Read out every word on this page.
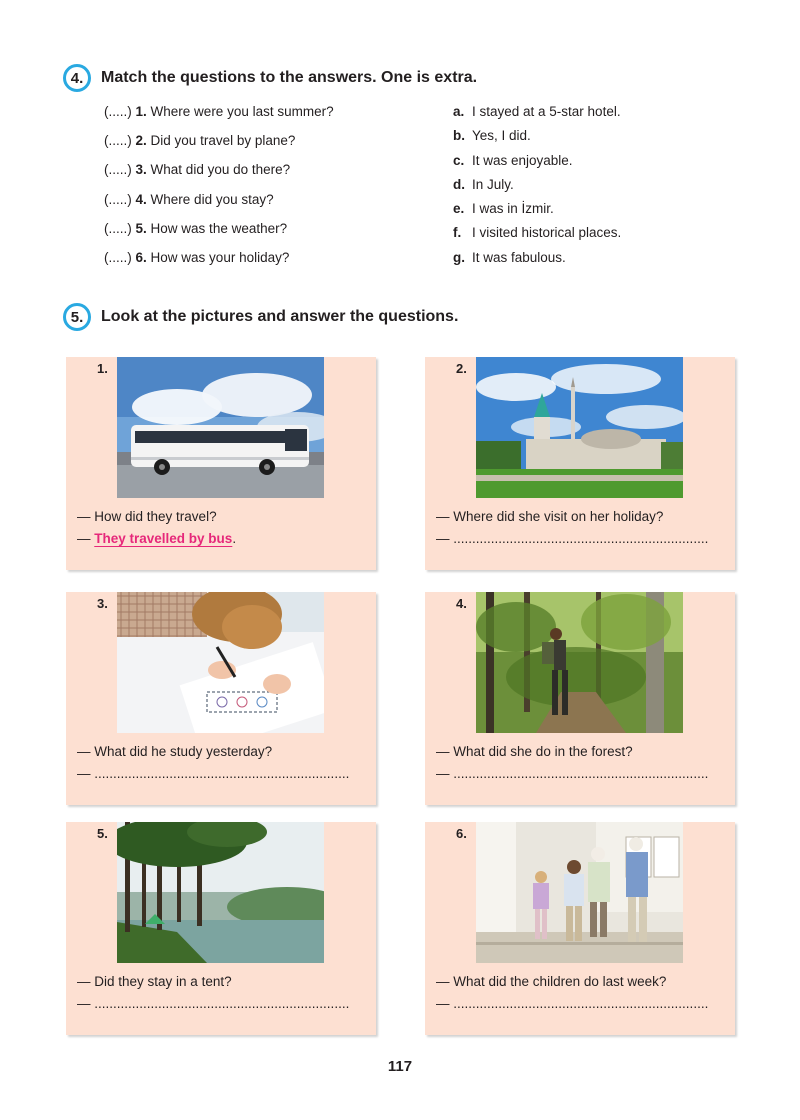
4.	Match the questions to the answers. One is extra.
(.....) 1. Where were you last summer?
(.....) 2. Did you travel by plane?
(.....) 3. What did you do there?
(.....) 4. Where did you stay?
(.....) 5. How was the weather?
(.....) 6. How was your holiday?
a. I stayed at a 5-star hotel.
b. Yes, I did.
c. It was enjoyable.
d. In July.
e. I was in İzmir.
f. I visited historical places.
g. It was fabulous.
5.	Look at the pictures and answer the questions.
1.
— How did they travel?
— They travelled by bus.
2.
— Where did she visit on her holiday?
— ....................................................................
3.
— What did he study yesterday?
— ....................................................................
4.
— What did she do in the forest?
— ....................................................................
5.
— Did they stay in a tent?
— ....................................................................
6.
— What did the children do last week?
— ....................................................................
117
